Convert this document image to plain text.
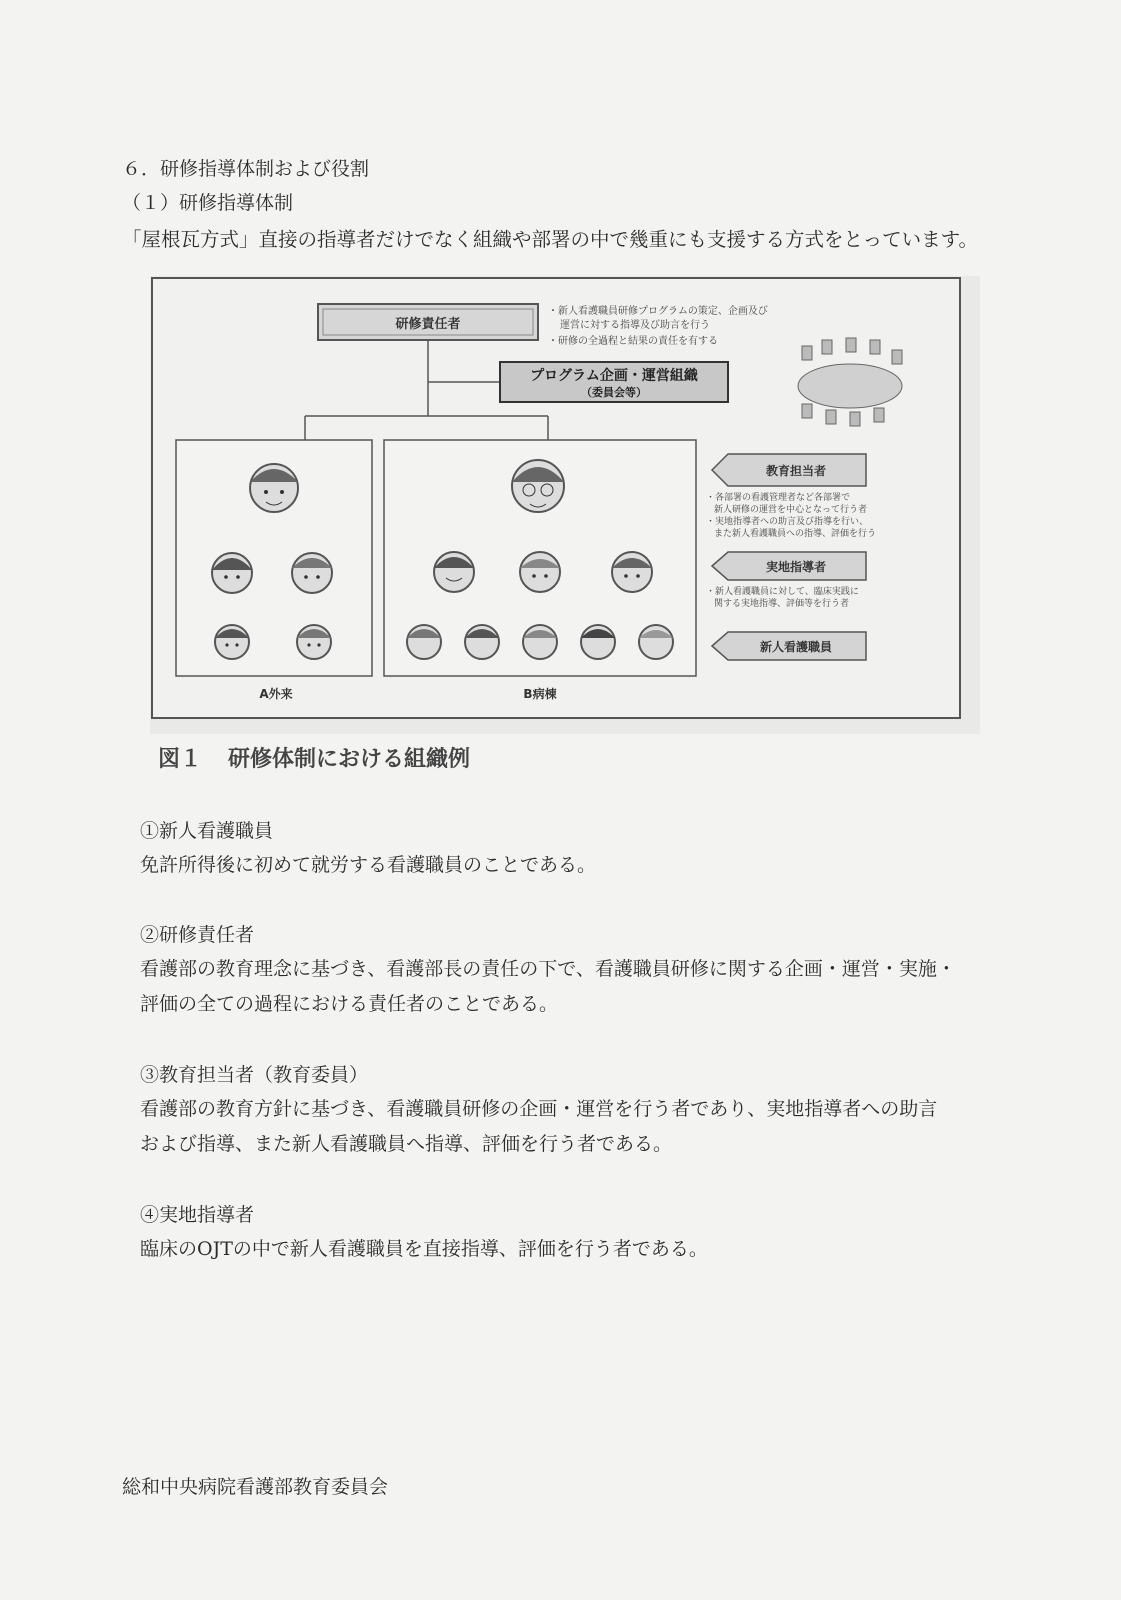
６．研修指導体制および役割
（１）研修指導体制
「屋根瓦方式」直接の指導者だけでなく組織や部署の中で幾重にも支援する方式をとっています。
研修責任者
・新人看護職員研修プログラムの策定、企画及び
運営に対する指導及び助言を行う
・研修の全過程と結果の責任を有する
プログラム企画・運営組織
（委員会等）
A外来	B病棟
教育担当者
・各部署の看護管理者など各部署で
新人研修の運営を中心となって行う者
・実地指導者への助言及び指導を行い、
また新人看護職員への指導、評価を行う
実地指導者
・新人看護職員に対して、臨床実践に
関する実地指導、評価等を行う者
新人看護職員
図１ 研修体制における組織例
①新人看護職員
免許所得後に初めて就労する看護職員のことである。
②研修責任者
看護部の教育理念に基づき、看護部長の責任の下で、看護職員研修に関する企画・運営・実施・
評価の全ての過程における責任者のことである。
③教育担当者（教育委員）
看護部の教育方針に基づき、看護職員研修の企画・運営を行う者であり、実地指導者への助言
および指導、また新人看護職員へ指導、評価を行う者である。
④実地指導者
臨床のOJTの中で新人看護職員を直接指導、評価を行う者である。
総和中央病院看護部教育委員会
